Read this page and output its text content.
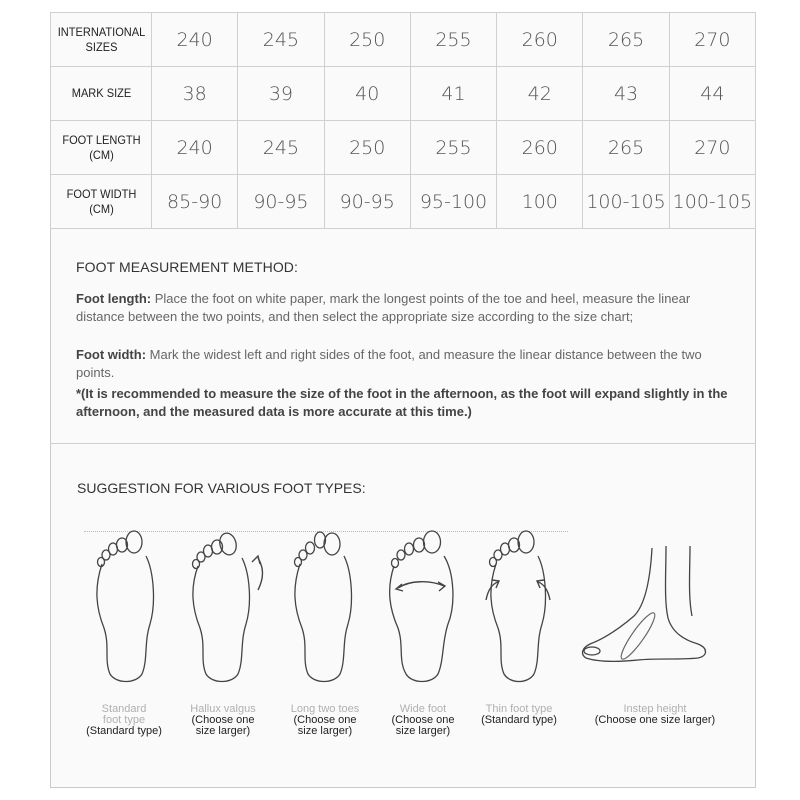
INTERNATIONAL
SIZES	240	245	250	255	260	265	270
MARK SIZE	38	39	40	41	42	43	44
FOOT LENGTH
(CM)	240	245	250	255	260	265	270
FOOT WIDTH
(CM)	85-90	90-95	90-95	95-100	100	100-105	100-105
FOOT MEASUREMENT METHOD:
Foot length: Place the foot on white paper, mark the longest points of the toe and heel, measure the linear distance between the two points, and then select the appropriate size according to the size chart;
Foot width: Mark the widest left and right sides of the foot, and measure the linear distance between the two points.
*(It is recommended to measure the size of the foot in the afternoon, as the foot will expand slightly in the afternoon, and the measured data is more accurate at this time.)
SUGGESTION FOR VARIOUS FOOT TYPES:
Standard
foot type
(Standard type)
Hallux valgus
(Choose one
size larger)
Long two toes
(Choose one
size larger)
Wide foot
(Choose one
size larger)
Thin foot type
(Standard type)
Instep height
(Choose one size larger)
